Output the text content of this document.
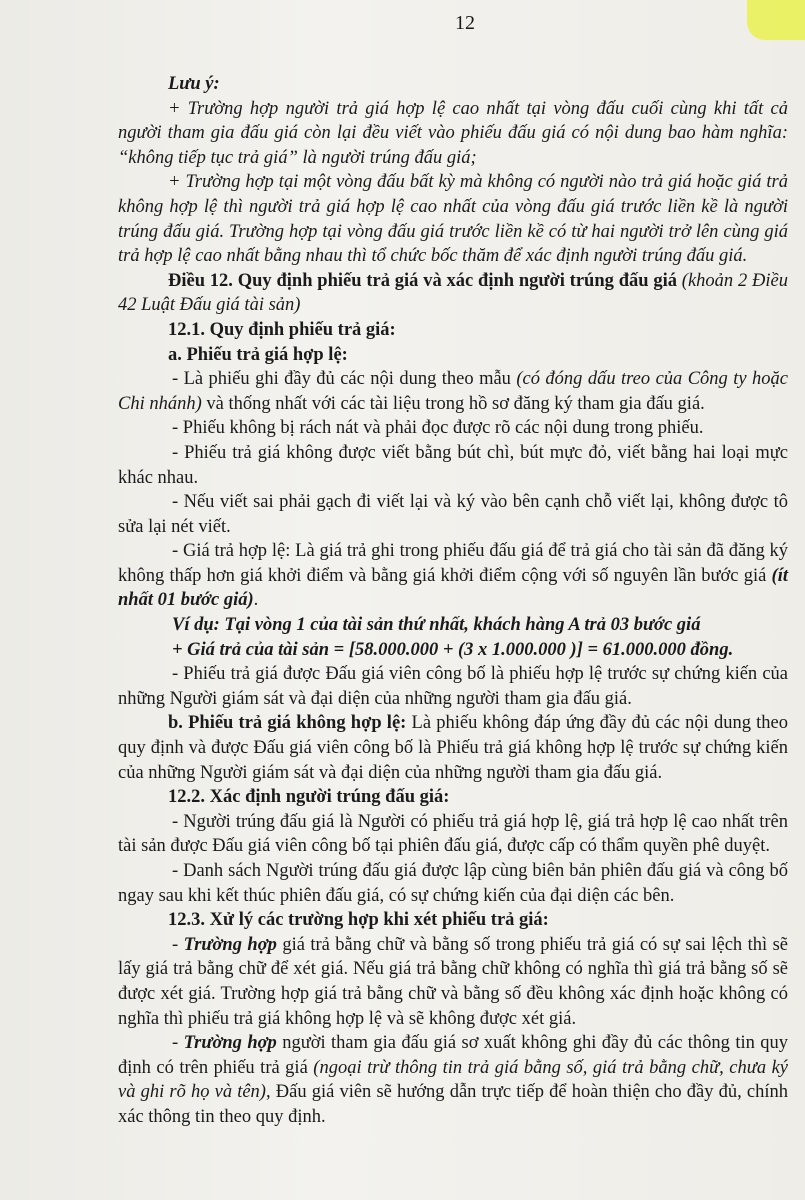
12

Lưu ý:

+ Trường hợp người trả giá hợp lệ cao nhất tại vòng đấu cuối cùng khi tất cả người tham gia đấu giá còn lại đều viết vào phiếu đấu giá có nội dung bao hàm nghĩa: “không tiếp tục trả giá” là người trúng đấu giá;

+ Trường hợp tại một vòng đấu bất kỳ mà không có người nào trả giá hoặc giá trả không hợp lệ thì người trả giá hợp lệ cao nhất của vòng đấu giá trước liền kề là người trúng đấu giá. Trường hợp tại vòng đấu giá trước liền kề có từ hai người trở lên cùng giá trả hợp lệ cao nhất bằng nhau thì tổ chức bốc thăm để xác định người trúng đấu giá.

Điều 12. Quy định phiếu trả giá và xác định người trúng đấu giá (khoản 2 Điều 42 Luật Đấu giá tài sản)

12.1. Quy định phiếu trả giá:

a. Phiếu trả giá hợp lệ:

- Là phiếu ghi đầy đủ các nội dung theo mẫu (có đóng dấu treo của Công ty hoặc Chi nhánh) và thống nhất với các tài liệu trong hồ sơ đăng ký tham gia đấu giá.

- Phiếu không bị rách nát và phải đọc được rõ các nội dung trong phiếu.

- Phiếu trả giá không được viết bằng bút chì, bút mực đỏ, viết bằng hai loại mực khác nhau.

- Nếu viết sai phải gạch đi viết lại và ký vào bên cạnh chỗ viết lại, không được tô sửa lại nét viết.

- Giá trả hợp lệ: Là giá trả ghi trong phiếu đấu giá để trả giá cho tài sản đã đăng ký không thấp hơn giá khởi điểm và bằng giá khởi điểm cộng với số nguyên lần bước giá (ít nhất 01 bước giá).

Ví dụ: Tại vòng 1 của tài sản thứ nhất, khách hàng A trả 03 bước giá

+ Giá trả của tài sản = [58.000.000 + (3 x 1.000.000 )] = 61.000.000 đồng.

- Phiếu trả giá được Đấu giá viên công bố là phiếu hợp lệ trước sự chứng kiến của những Người giám sát và đại diện của những người tham gia đấu giá.

b. Phiếu trả giá không hợp lệ: Là phiếu không đáp ứng đầy đủ các nội dung theo quy định và được Đấu giá viên công bố là Phiếu trả giá không hợp lệ trước sự chứng kiến của những Người giám sát và đại diện của những người tham gia đấu giá.

12.2. Xác định người trúng đấu giá:

- Người trúng đấu giá là Người có phiếu trả giá hợp lệ, giá trả hợp lệ cao nhất trên tài sản được Đấu giá viên công bố tại phiên đấu giá, được cấp có thẩm quyền phê duyệt.

- Danh sách Người trúng đấu giá được lập cùng biên bản phiên đấu giá và công bố ngay sau khi kết thúc phiên đấu giá, có sự chứng kiến của đại diện các bên.

12.3. Xử lý các trường hợp khi xét phiếu trả giá:

- Trường hợp giá trả bằng chữ và bằng số trong phiếu trả giá có sự sai lệch thì sẽ lấy giá trả bằng chữ để xét giá. Nếu giá trả bằng chữ không có nghĩa thì giá trả bằng số sẽ được xét giá. Trường hợp giá trả bằng chữ và bằng số đều không xác định hoặc không có nghĩa thì phiếu trả giá không hợp lệ và sẽ không được xét giá.

- Trường hợp người tham gia đấu giá sơ xuất không ghi đầy đủ các thông tin quy định có trên phiếu trả giá (ngoại trừ thông tin trả giá bằng số, giá trả bằng chữ, chưa ký và ghi rõ họ và tên), Đấu giá viên sẽ hướng dẫn trực tiếp để hoàn thiện cho đầy đủ, chính xác thông tin theo quy định.
